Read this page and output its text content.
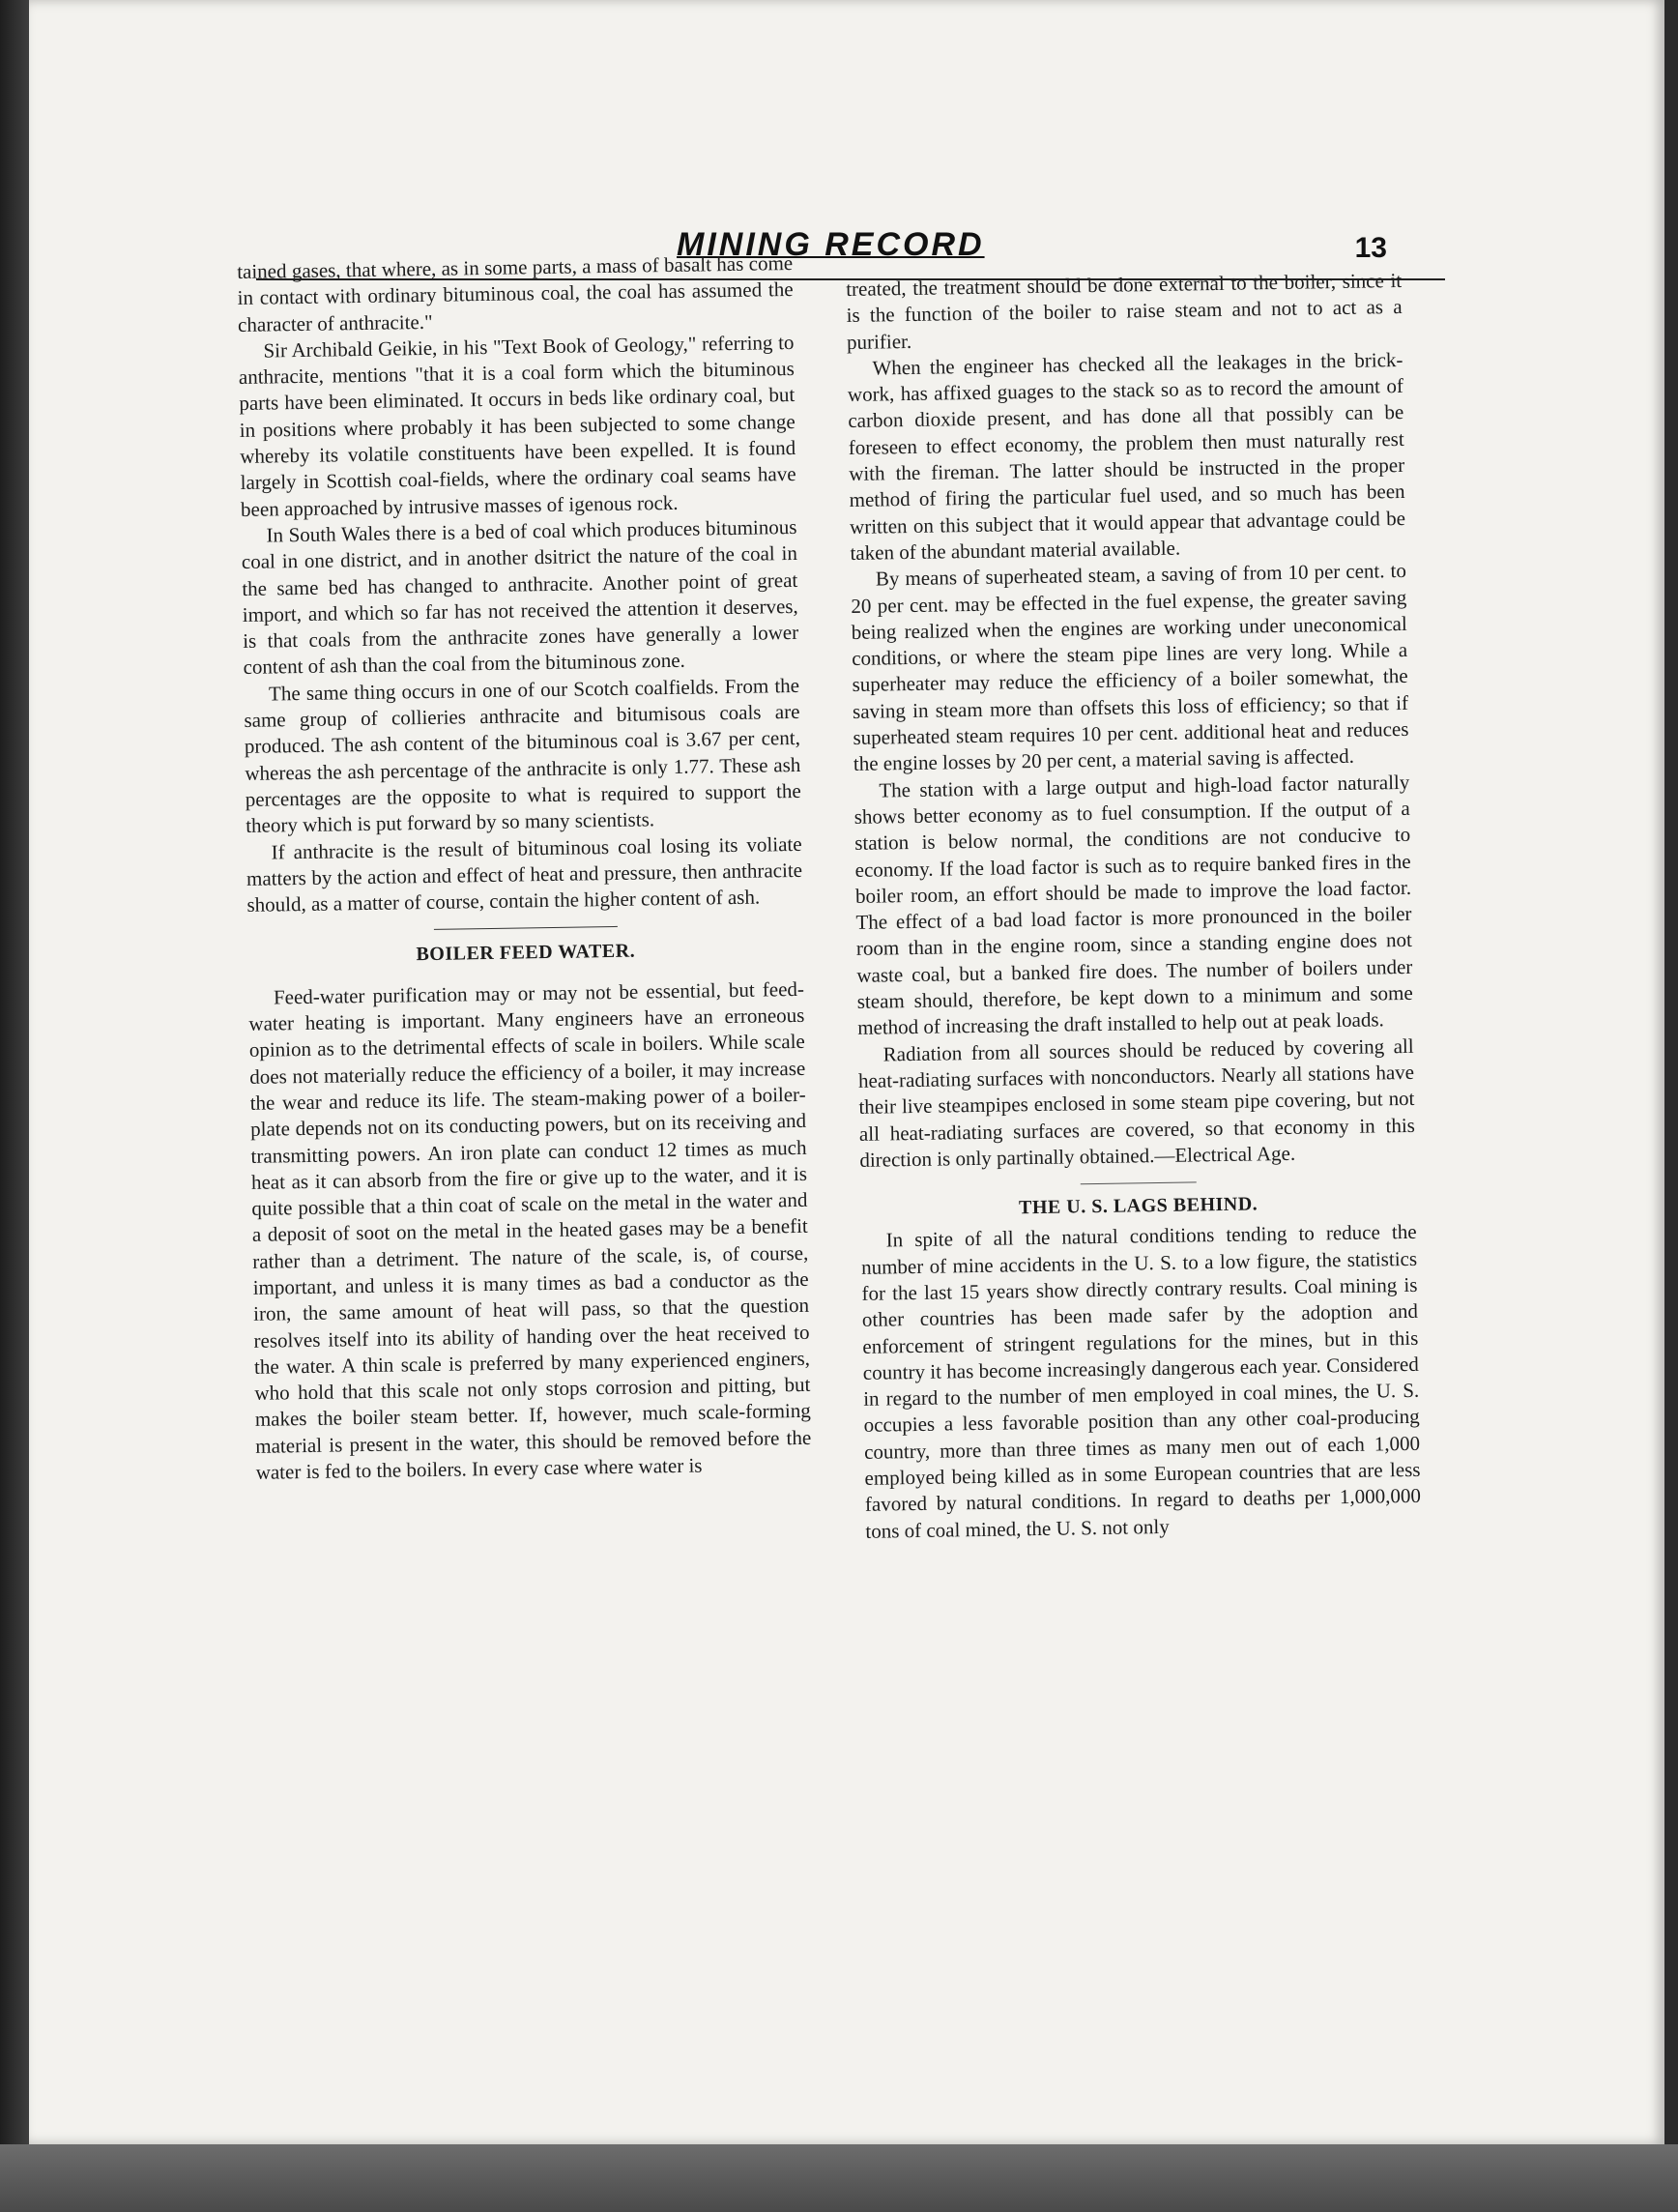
MINING RECORD	13

tained gases, that where, as in some parts, a mass of basalt has come in contact with ordinary bituminous coal, the coal has assumed the character of anthracite."

Sir Archibald Geikie, in his "Text Book of Geology," referring to anthracite, mentions "that it is a coal form which the bituminous parts have been eliminated. It occurs in beds like ordinary coal, but in positions where probably it has been subjected to some change whereby its volatile constituents have been expelled. It is found largely in Scottish coal-fields, where the ordinary coal seams have been approached by intrusive masses of igenous rock.

In South Wales there is a bed of coal which produces bituminous coal in one district, and in another dsitrict the nature of the coal in the same bed has changed to anthracite. Another point of great import, and which so far has not received the attention it deserves, is that coals from the anthracite zones have generally a lower content of ash than the coal from the bituminous zone.

The same thing occurs in one of our Scotch coalfields. From the same group of collieries anthracite and bitumisous coals are produced. The ash content of the bituminous coal is 3.67 per cent, whereas the ash percentage of the anthracite is only 1.77. These ash percentages are the opposite to what is required to support the theory which is put forward by so many scientists.

If anthracite is the result of bituminous coal losing its voliate matters by the action and effect of heat and pressure, then anthracite should, as a matter of course, contain the higher content of ash.

BOILER FEED WATER.

Feed-water purification may or may not be essential, but feed-water heating is important. Many engineers have an erroneous opinion as to the detrimental effects of scale in boilers. While scale does not materially reduce the efficiency of a boiler, it may increase the wear and reduce its life. The steam-making power of a boiler-plate depends not on its conducting powers, but on its receiving and transmitting powers. An iron plate can conduct 12 times as much heat as it can absorb from the fire or give up to the water, and it is quite possible that a thin coat of scale on the metal in the water and a deposit of soot on the metal in the heated gases may be a benefit rather than a detriment. The nature of the scale, is, of course, important, and unless it is many times as bad a conductor as the iron, the same amount of heat will pass, so that the question resolves itself into its ability of handing over the heat received to the water. A thin scale is preferred by many experienced enginers, who hold that this scale not only stops corrosion and pitting, but makes the boiler steam better. If, however, much scale-forming material is present in the water, this should be removed before the water is fed to the boilers. In every case where water is

treated, the treatment should be done external to the boiler, since it is the function of the boiler to raise steam and not to act as a purifier.

When the engineer has checked all the leakages in the brick-work, has affixed guages to the stack so as to record the amount of carbon dioxide present, and has done all that possibly can be foreseen to effect economy, the problem then must naturally rest with the fireman. The latter should be instructed in the proper method of firing the particular fuel used, and so much has been written on this subject that it would appear that advantage could be taken of the abundant material available.

By means of superheated steam, a saving of from 10 per cent. to 20 per cent. may be effected in the fuel expense, the greater saving being realized when the engines are working under uneconomical conditions, or where the steam pipe lines are very long. While a superheater may reduce the efficiency of a boiler somewhat, the saving in steam more than offsets this loss of efficiency; so that if superheated steam requires 10 per cent. additional heat and reduces the engine losses by 20 per cent, a material saving is affected.

The station with a large output and high-load factor naturally shows better economy as to fuel consumption. If the output of a station is below normal, the conditions are not conducive to economy. If the load factor is such as to require banked fires in the boiler room, an effort should be made to improve the load factor. The effect of a bad load factor is more pronounced in the boiler room than in the engine room, since a standing engine does not waste coal, but a banked fire does. The number of boilers under steam should, therefore, be kept down to a minimum and some method of increasing the draft installed to help out at peak loads.

Radiation from all sources should be reduced by covering all heat-radiating surfaces with nonconductors. Nearly all stations have their live steampipes enclosed in some steam pipe covering, but not all heat-radiating surfaces are covered, so that economy in this direction is only partinally obtained.—Electrical Age.

THE U. S. LAGS BEHIND.

In spite of all the natural conditions tending to reduce the number of mine accidents in the U. S. to a low figure, the statistics for the last 15 years show directly contrary results. Coal mining is other countries has been made safer by the adoption and enforcement of stringent regulations for the mines, but in this country it has become increasingly dangerous each year. Considered in regard to the number of men employed in coal mines, the U. S. occupies a less favorable position than any other coal-producing country, more than three times as many men out of each 1,000 employed being killed as in some European countries that are less favored by natural conditions. In regard to deaths per 1,000,000 tons of coal mined, the U. S. not only
